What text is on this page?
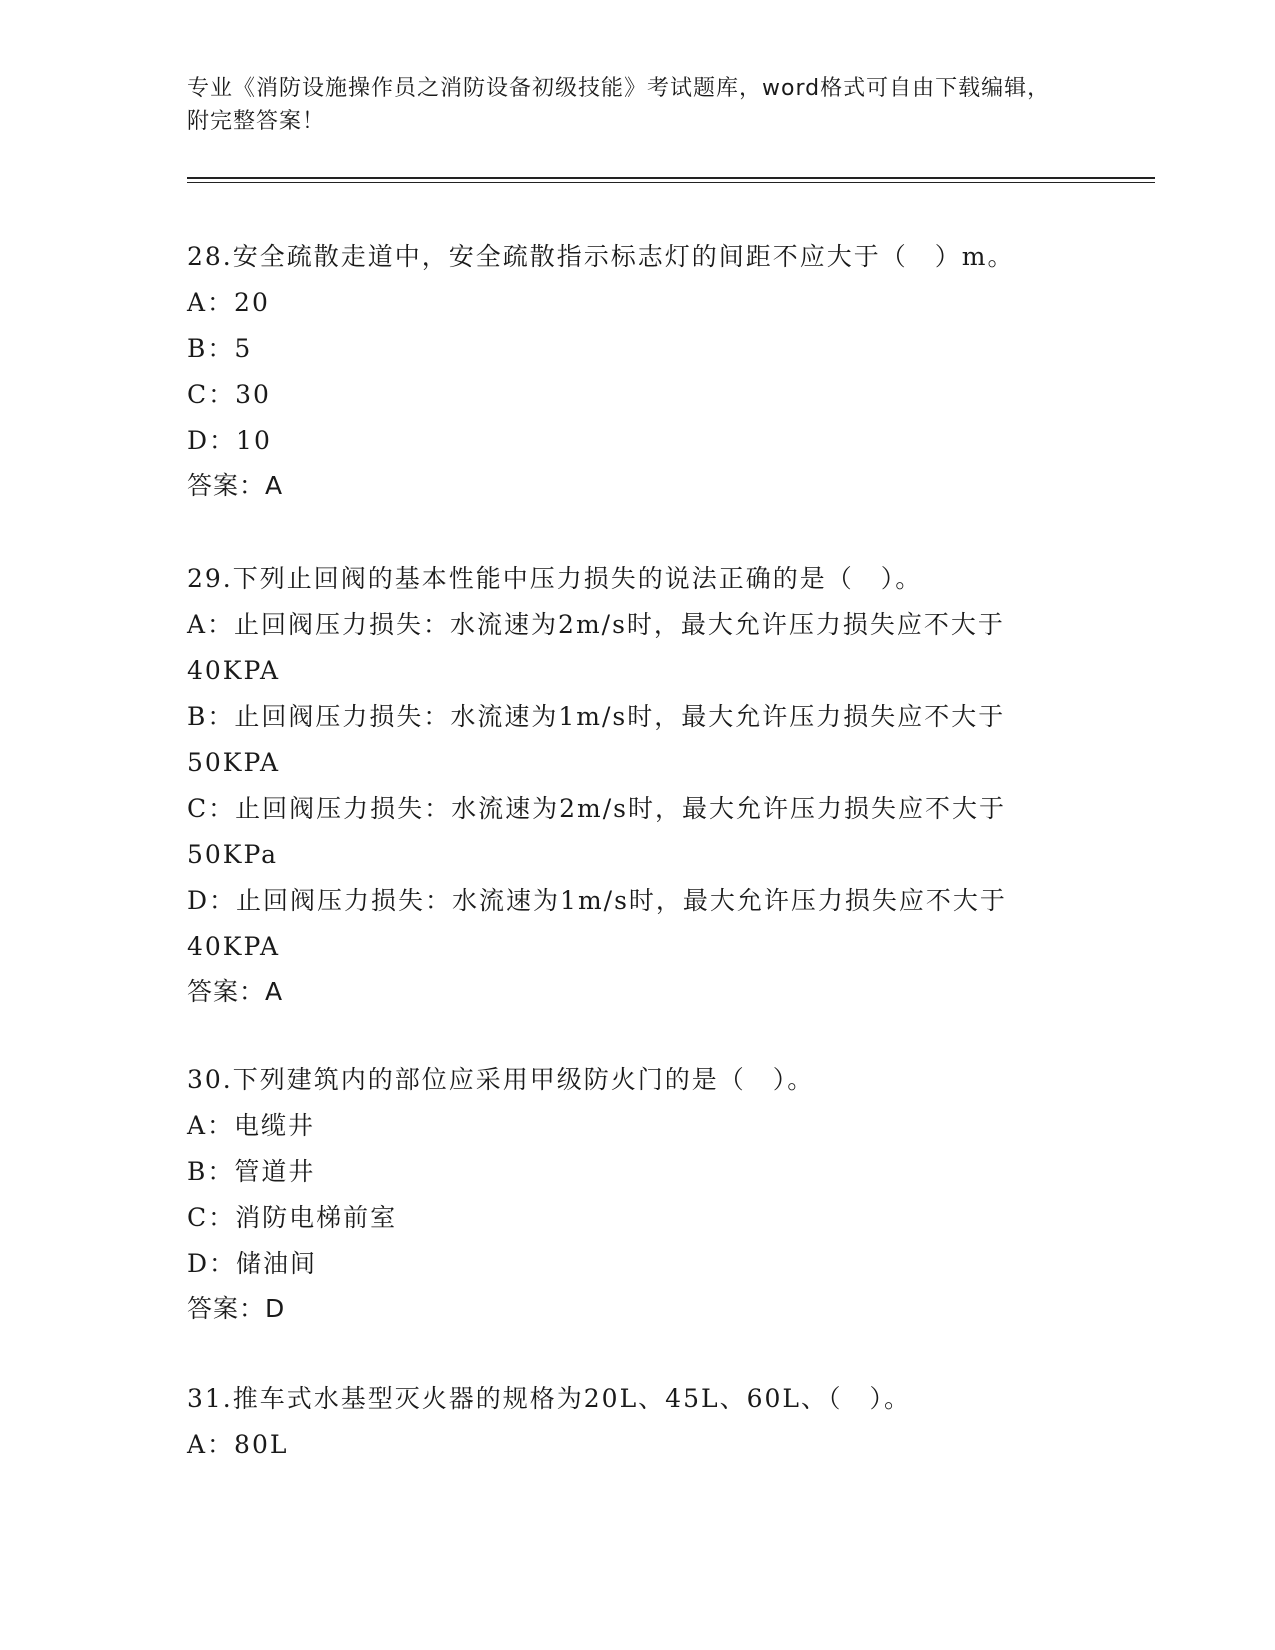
专业《消防设施操作员之消防设备初级技能》考试题库，word格式可自由下载编辑，附完整答案！
28.安全疏散走道中，安全疏散指示标志灯的间距不应大于（　）m。
A：20
B：5
C：30
D：10
答案：A
29.下列止回阀的基本性能中压力损失的说法正确的是（　）。
A：止回阀压力损失：水流速为2m/s时，最大允许压力损失应不大于
40KPA
B：止回阀压力损失：水流速为1m/s时，最大允许压力损失应不大于
50KPA
C：止回阀压力损失：水流速为2m/s时，最大允许压力损失应不大于
50KPa
D：止回阀压力损失：水流速为1m/s时，最大允许压力损失应不大于
40KPA
答案：A
30.下列建筑内的部位应采用甲级防火门的是（　）。
A：电缆井
B：管道井
C：消防电梯前室
D：储油间
答案：D
31.推车式水基型灭火器的规格为20L、45L、60L、（　）。
A：80L
